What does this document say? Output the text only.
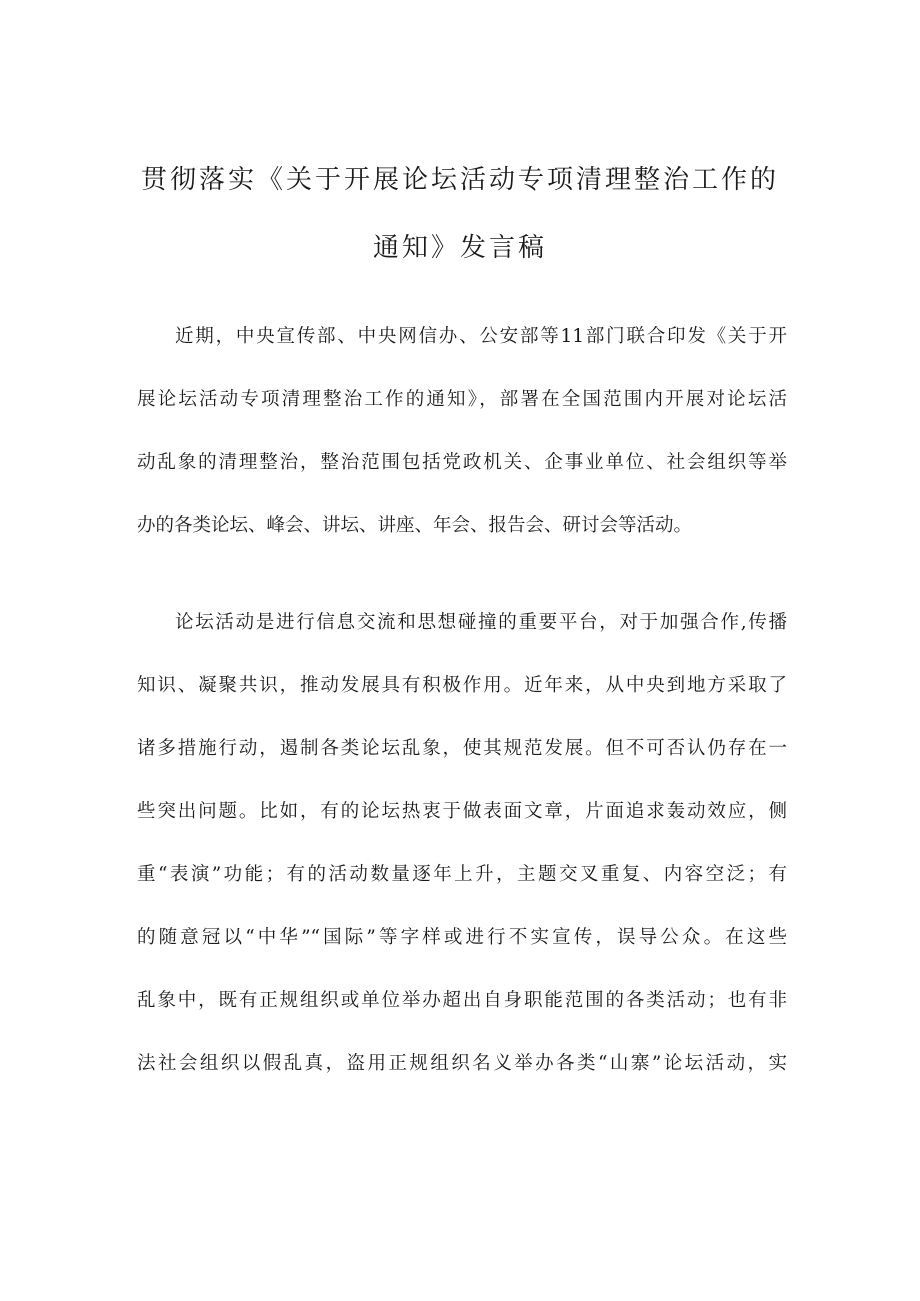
贯彻落实《关于开展论坛活动专项清理整治工作的
通知》发言稿
近期，中央宣传部、中央网信办、公安部等11部门联合印发《关于开
展论坛活动专项清理整治工作的通知》，部署在全国范围内开展对论坛活
动乱象的清理整治，整治范围包括党政机关、企事业单位、社会组织等举
办的各类论坛、峰会、讲坛、讲座、年会、报告会、研讨会等活动。
论坛活动是进行信息交流和思想碰撞的重要平台，对于加强合作,传播
知识、凝聚共识，推动发展具有积极作用。近年来，从中央到地方采取了
诸多措施行动，遏制各类论坛乱象，使其规范发展。但不可否认仍存在一
些突出问题。比如，有的论坛热衷于做表面文章，片面追求轰动效应，侧
重“表演”功能；有的活动数量逐年上升，主题交叉重复、内容空泛；有
的随意冠以“中华”“国际”等字样或进行不实宣传，误导公众。在这些
乱象中，既有正规组织或单位举办超出自身职能范围的各类活动；也有非
法社会组织以假乱真，盗用正规组织名义举办各类“山寨”论坛活动，实
